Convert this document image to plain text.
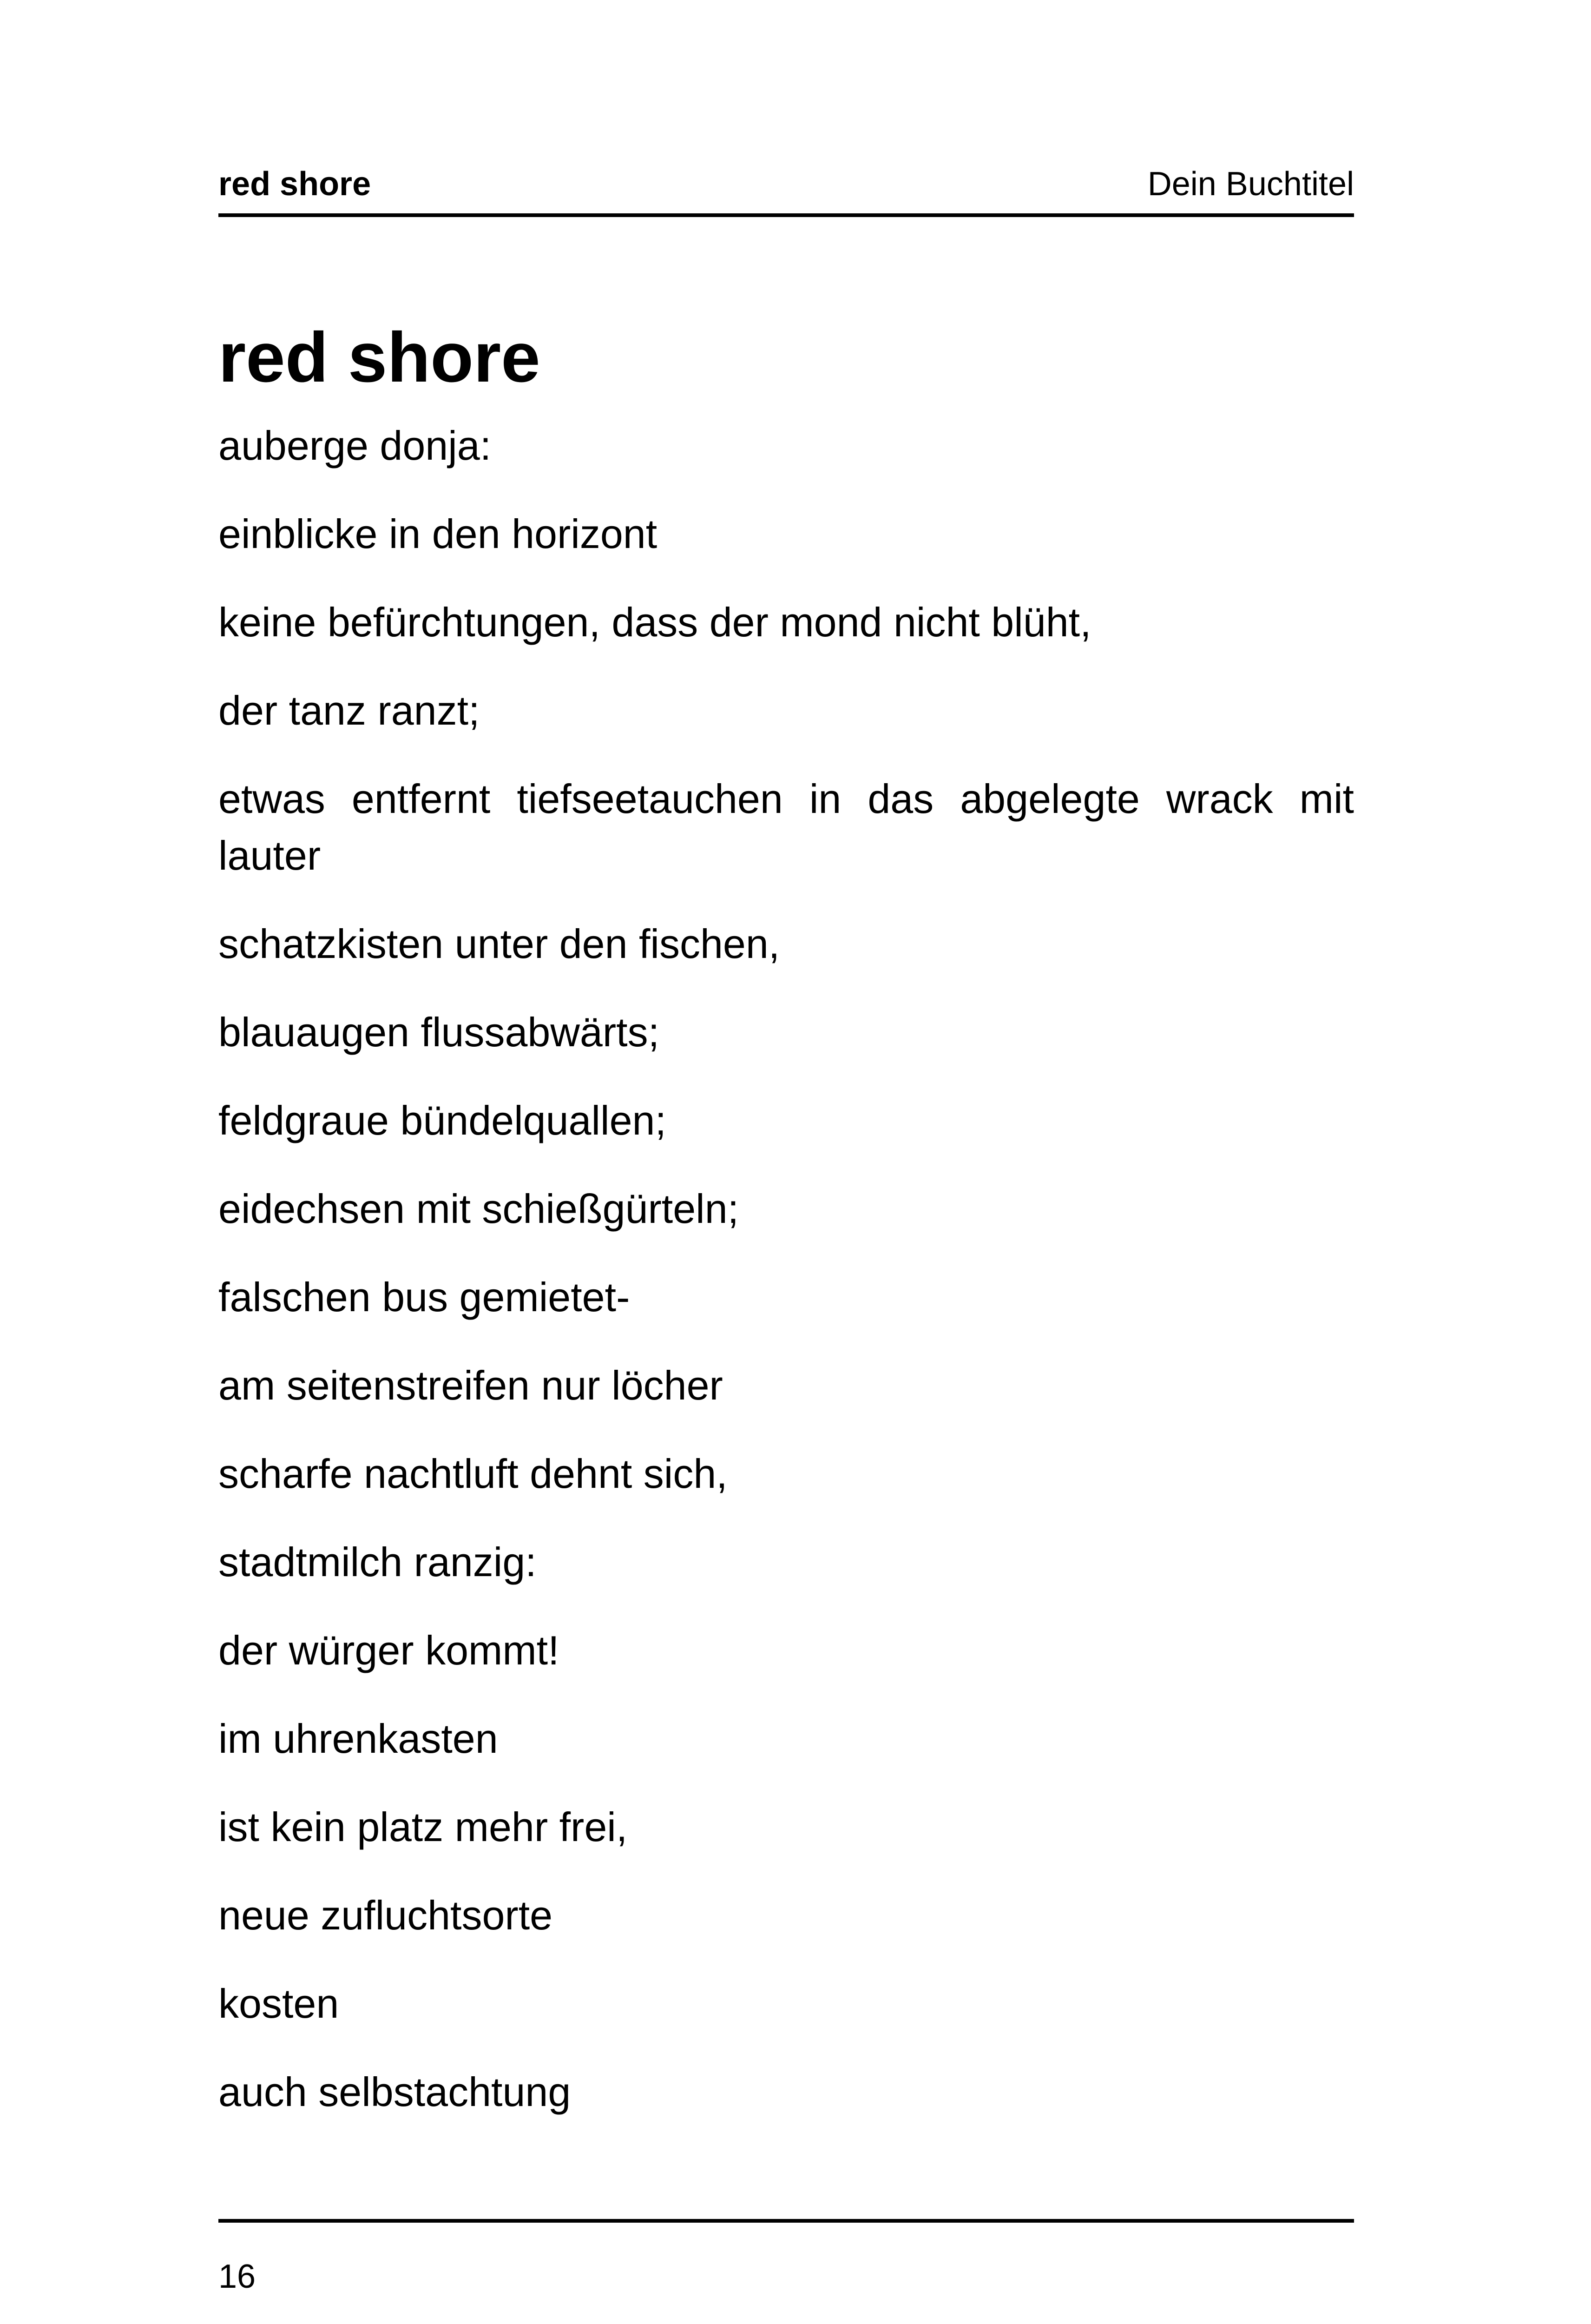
red shore	Dein Buchtitel
red shore
auberge donja:
einblicke in den horizont
keine befürchtungen, dass der mond nicht blüht,
der tanz ranzt;
etwas entfernt tiefseetauchen in das abgelegte wrack mit lauter
schatzkisten unter den fischen,
blauaugen flussabwärts;
feldgraue bündelquallen;
eidechsen mit schießgürteln;
falschen bus gemietet-
am seitenstreifen nur löcher
scharfe nachtluft dehnt sich,
stadtmilch ranzig:
der würger kommt!
im uhrenkasten
ist kein platz mehr frei,
neue zufluchtsorte
kosten
auch selbstachtung
16
